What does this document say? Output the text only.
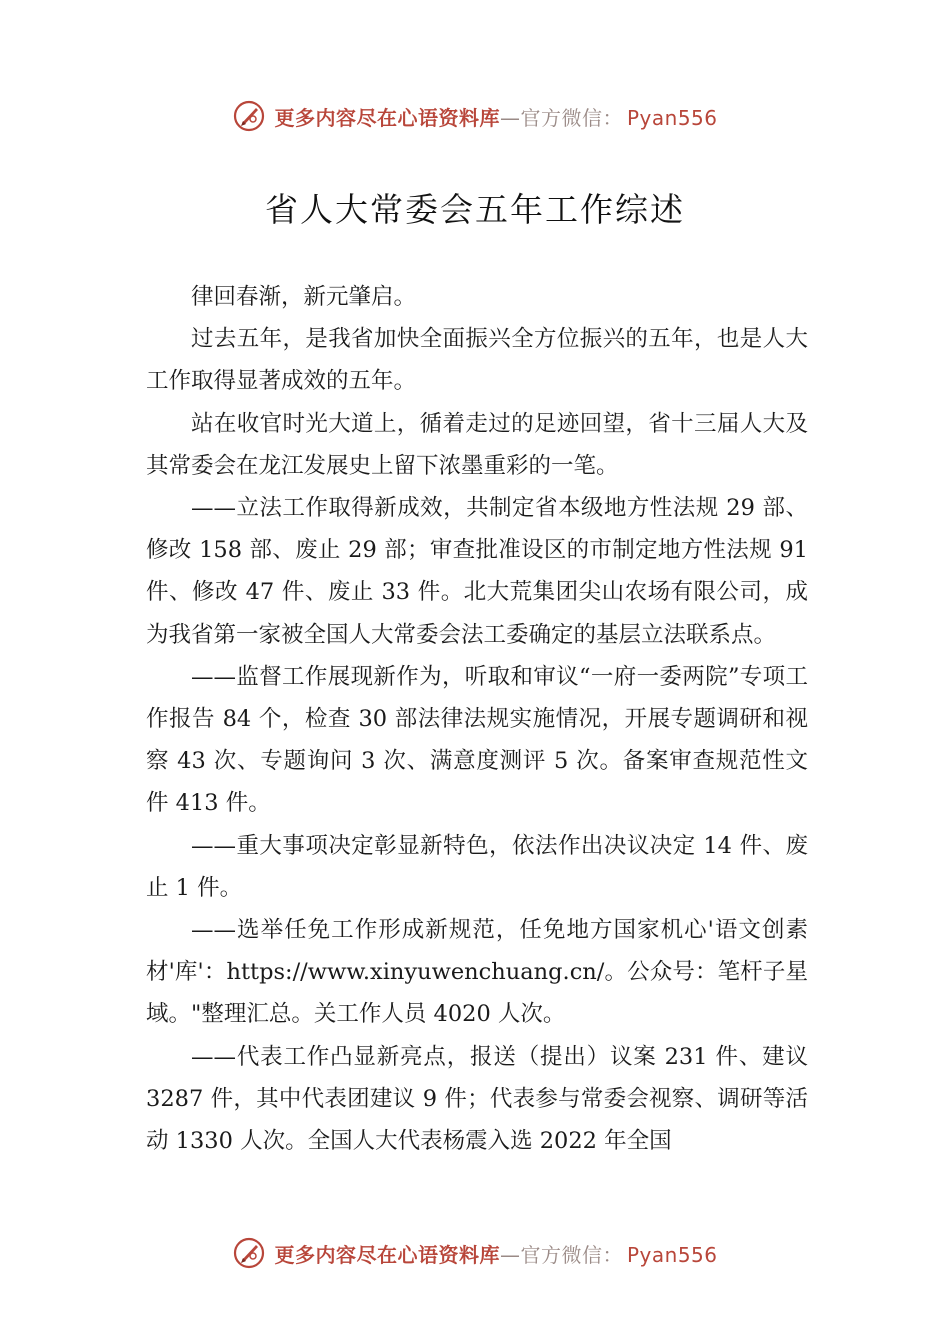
更多内容尽在心语资料库—官方微信： Pyan556
省人大常委会五年工作综述

律回春渐，新元肇启。

过去五年，是我省加快全面振兴全方位振兴的五年，也是人大工作取得显著成效的五年。

站在收官时光大道上，循着走过的足迹回望，省十三届人大及其常委会在龙江发展史上留下浓墨重彩的一笔。

——立法工作取得新成效，共制定省本级地方性法规 29 部、修改 158 部、废止 29 部；审查批准设区的市制定地方性法规 91 件、修改 47 件、废止 33 件。北大荒集团尖山农场有限公司，成为我省第一家被全国人大常委会法工委确定的基层立法联系点。

——监督工作展现新作为，听取和审议“一府一委两院”专项工作报告 84 个，检查 30 部法律法规实施情况，开展专题调研和视察 43 次、专题询问 3 次、满意度测评 5 次。备案审查规范性文件 413 件。

——重大事项决定彰显新特色，依法作出决议决定 14 件、废止 1 件。

——选举任免工作形成新规范，任免地方国家机心'语文创素材'库'：https://www.xinyuwenchuang.cn/。公众号：笔杆子星域。"整理汇总。关工作人员 4020 人次。

——代表工作凸显新亮点，报送（提出）议案 231 件、建议 3287 件，其中代表团建议 9 件；代表参与常委会视察、调研等活动 1330 人次。全国人大代表杨震入选 2022 年全国

更多内容尽在心语资料库—官方微信： Pyan556
